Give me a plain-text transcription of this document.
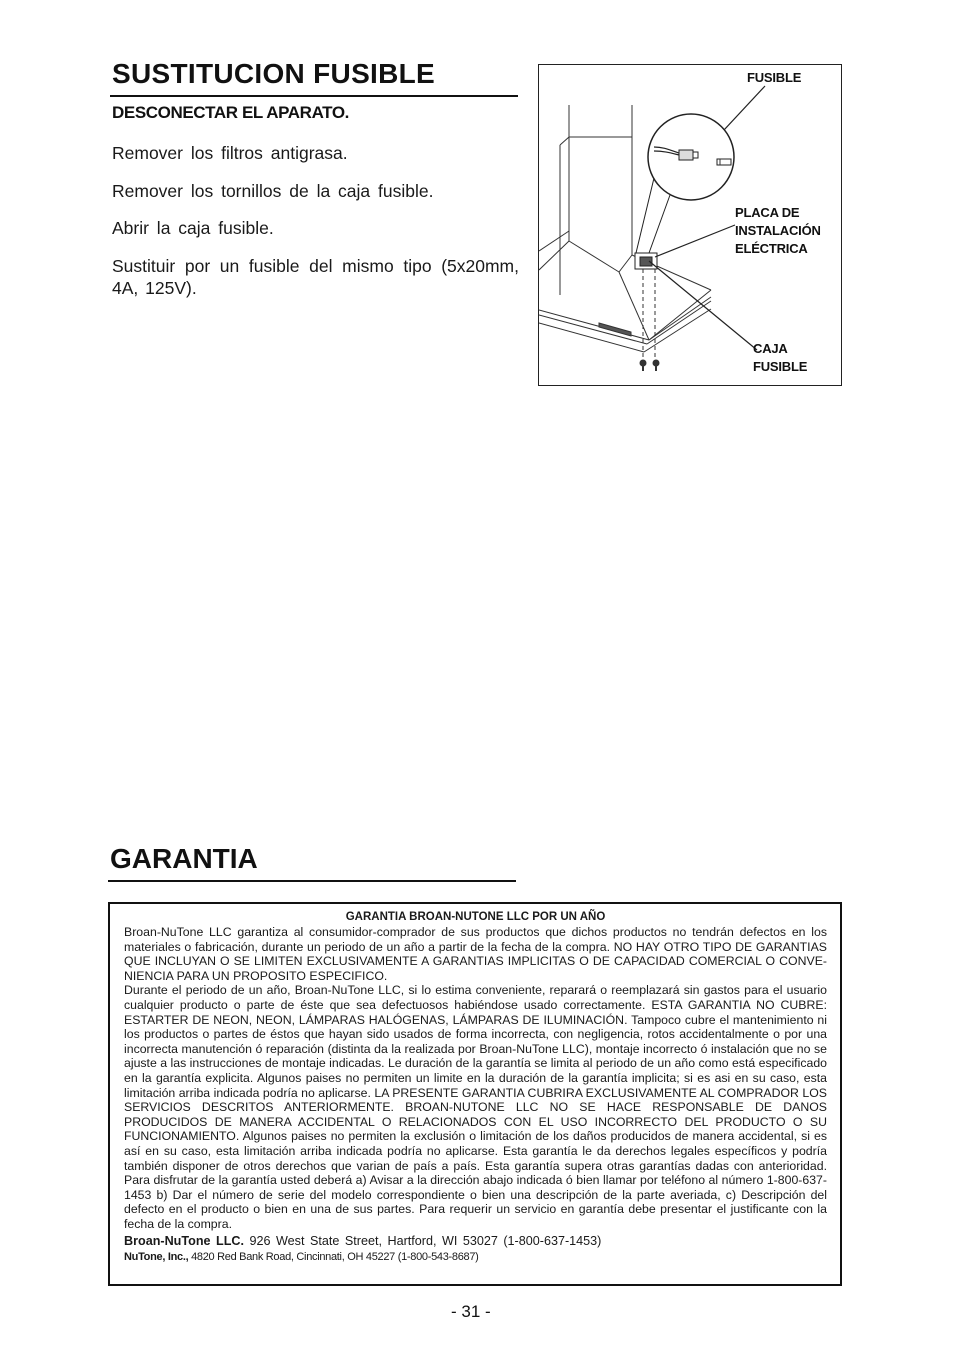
SUSTITUCION FUSIBLE
DESCONECTAR EL APARATO.
Remover los filtros antigrasa.
Remover los tornillos de la caja fusible.
Abrir la caja fusible.
Sustituir por un fusible del mismo tipo (5x20mm, 4A, 125V).
FUSIBLE
PLACA DE
INSTALACIÓN
ELÉCTRICA
CAJA
FUSIBLE
GARANTIA
GARANTIA BROAN-NUTONE LLC POR UN AÑO

Broan-NuTone LLC garantiza al consumidor-comprador de sus productos que dichos productos no tendrán defectos en los materiales o fabricación, durante un periodo de un año a partir de la fecha de la compra. NO HAY OTRO TIPO DE GARANTIAS QUE INCLUYAN O SE LIMITEN EXCLUSIVAMENTE A GARANTIAS IMPLICITAS O DE CAPACIDAD COMERCIAL O CONVE-NIENCIA PARA UN PROPOSITO ESPECIFICO.

Durante el periodo de un año, Broan-NuTone LLC, si lo estima conveniente, reparará o reemplazará sin gastos para el usuario cualquier producto o parte de éste que sea defectuosos habiéndose usado correctamente. ESTA GARANTIA NO CUBRE: ESTARTER DE NEON, NEON, LÁMPARAS HALÓGENAS, LÁMPARAS DE ILUMINACIÓN. Tampoco cubre el mantenimiento ni los productos o partes de éstos que hayan sido usados de forma incorrecta, con negligencia, rotos accidentalmente o por una incorrecta manutención ó reparación (distinta da la realizada por Broan-NuTone LLC), montaje incorrecto ó instalación que no se ajuste a las instrucciones de montaje indicadas. Le duración de la garantía se limita al periodo de un año como está especificado en la garantía explicita. Algunos paises no permiten un limite en la duración de la garantía implicita; si es asi en su caso, esta limitación arriba indicada podría no aplicarse. LA PRESENTE GARANTIA CUBRIRA EXCLUSIVAMENTE AL COMPRADOR LOS SERVICIOS DESCRITOS ANTERIORMENTE. BROAN-NUTONE LLC NO SE HACE RESPONSABLE DE DANOS PRODUCIDOS DE MANERA ACCIDENTAL O RELACIONADOS CON EL USO INCORRECTO DEL PRODUCTO O SU FUNCIONAMIENTO. Algunos paises no permiten la exclusión o limitación de los daños producidos de manera accidental, si es así en su caso, esta limitación arriba indicada podría no aplicarse. Esta garantía le da derechos legales específicos y podría también disponer de otros derechos que varian de país a país. Esta garantía supera otras garantías dadas con anterioridad. Para disfrutar de la garantía usted deberá a) Avisar a la dirección abajo indicada ó bien llamar por teléfono al número 1-800-637-1453 b) Dar el número de serie del modelo correspondiente o bien una descripción de la parte averiada, c) Descripción del defecto en el producto o bien en una de sus partes. Para requerir un servicio en garantía debe presentar el justificante con la fecha de la compra.

Broan-NuTone LLC. 926 West State Street, Hartford, WI 53027 (1-800-637-1453)
NuTone, Inc., 4820 Red Bank Road, Cincinnati, OH 45227 (1-800-543-8687)
- 31 -
